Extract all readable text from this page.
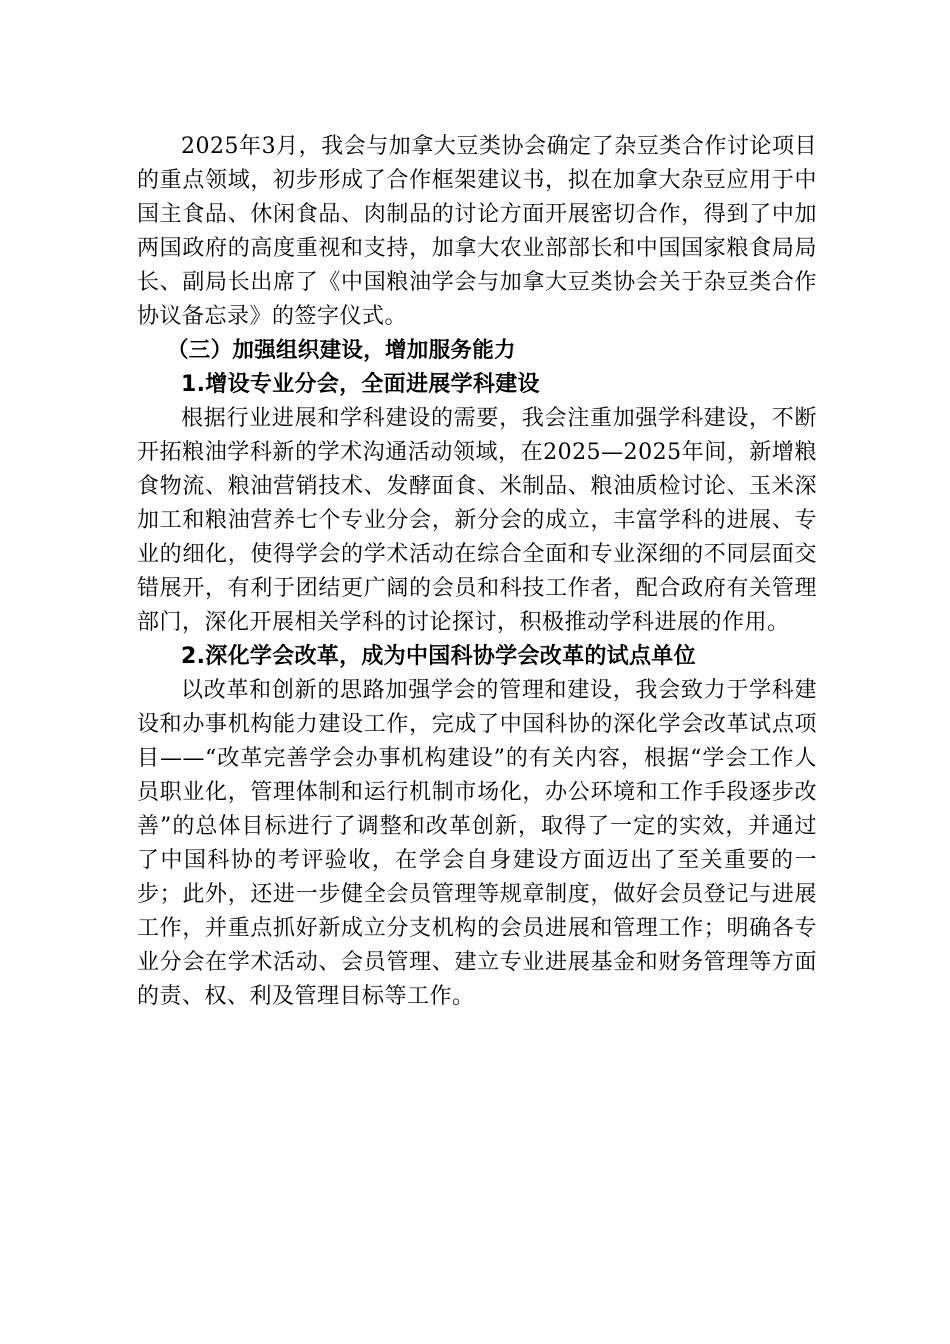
2025年3月，我会与加拿大豆类协会确定了杂豆类合作讨论项目的重点领域，初步形成了合作框架建议书，拟在加拿大杂豆应用于中国主食品、休闲食品、肉制品的讨论方面开展密切合作，得到了中加两国政府的高度重视和支持，加拿大农业部部长和中国国家粮食局局长、副局长出席了《中国粮油学会与加拿大豆类协会关于杂豆类合作协议备忘录》的签字仪式。

（三）加强组织建设，增加服务能力

1.增设专业分会，全面进展学科建设

根据行业进展和学科建设的需要，我会注重加强学科建设，不断开拓粮油学科新的学术沟通活动领域，在2025—2025年间，新增粮食物流、粮油营销技术、发酵面食、米制品、粮油质检讨论、玉米深加工和粮油营养七个专业分会，新分会的成立，丰富学科的进展、专业的细化，使得学会的学术活动在综合全面和专业深细的不同层面交错展开，有利于团结更广阔的会员和科技工作者，配合政府有关管理部门，深化开展相关学科的讨论探讨，积极推动学科进展的作用。

2.深化学会改革，成为中国科协学会改革的试点单位

以改革和创新的思路加强学会的管理和建设，我会致力于学科建设和办事机构能力建设工作，完成了中国科协的深化学会改革试点项目——“改革完善学会办事机构建设”的有关内容，根据“学会工作人员职业化，管理体制和运行机制市场化，办公环境和工作手段逐步改善”的总体目标进行了调整和改革创新，取得了一定的实效，并通过了中国科协的考评验收，在学会自身建设方面迈出了至关重要的一步；此外，还进一步健全会员管理等规章制度，做好会员登记与进展工作，并重点抓好新成立分支机构的会员进展和管理工作；明确各专业分会在学术活动、会员管理、建立专业进展基金和财务管理等方面的责、权、利及管理目标等工作。
